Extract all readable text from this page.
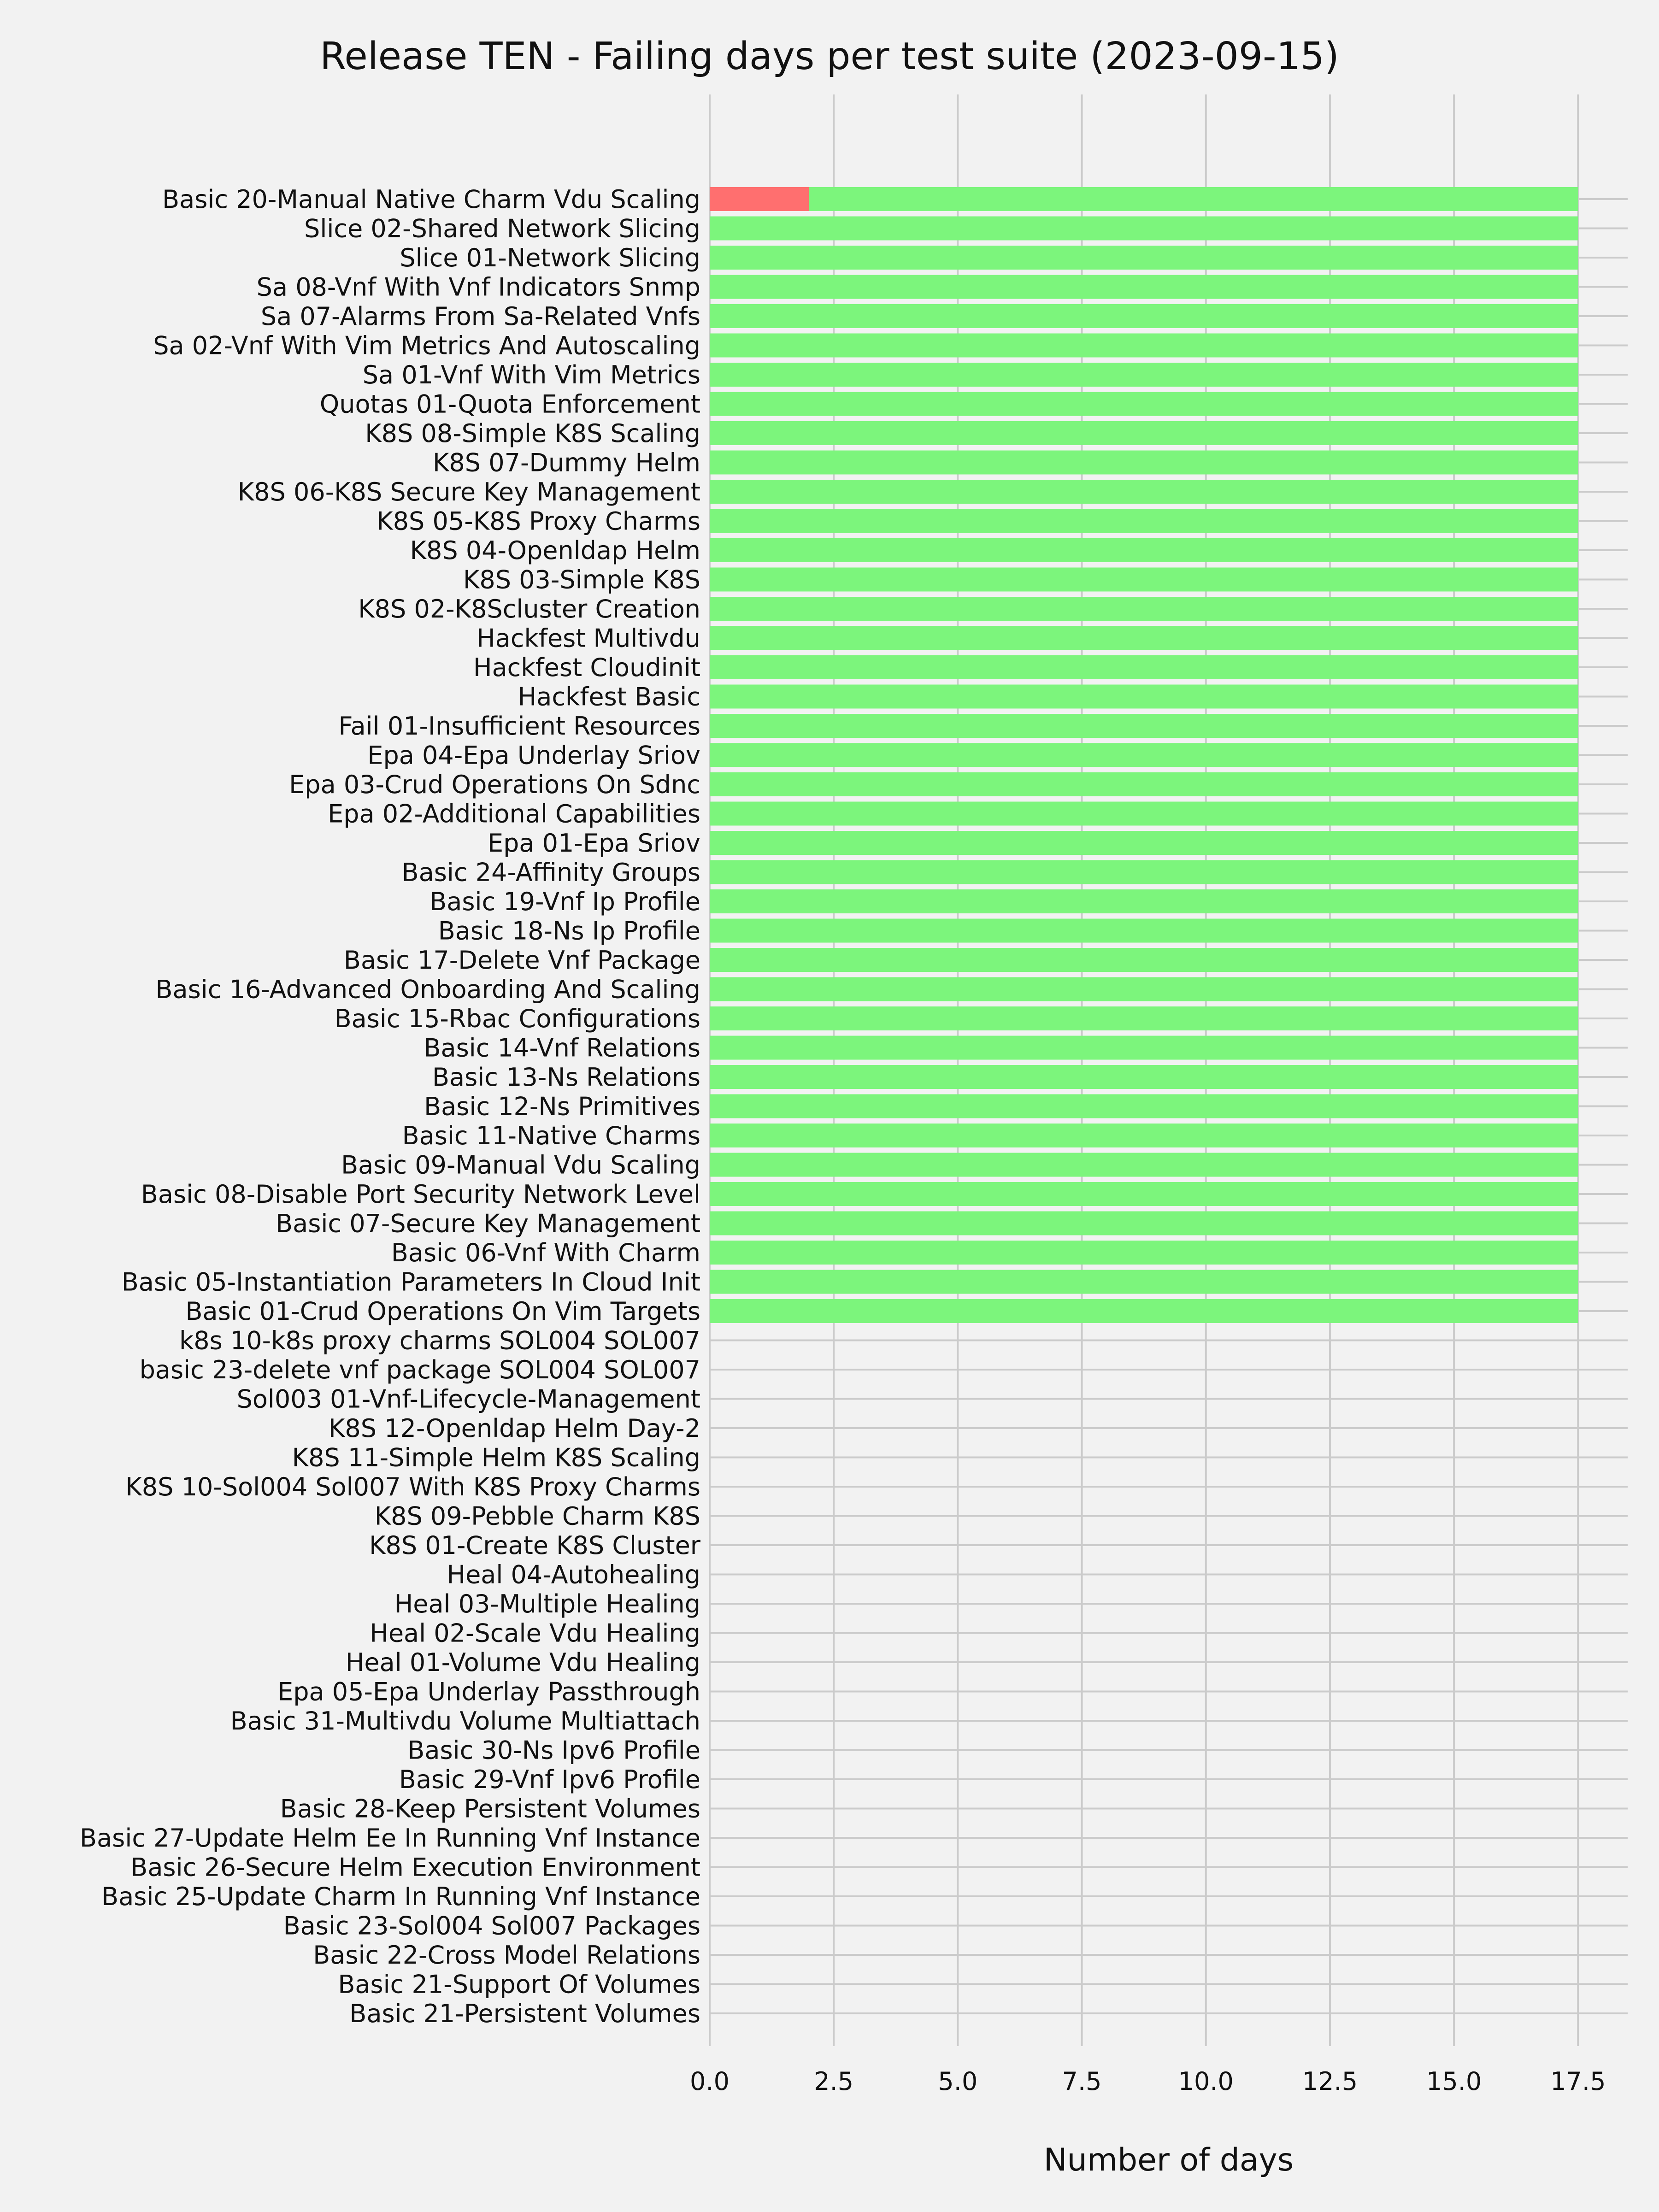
0.0	2.5	5.0	7.5	10.0	12.5	15.0	17.5
Basic 20-Manual Native Charm Vdu Scaling
Slice 02-Shared Network Slicing
Slice 01-Network Slicing
Sa 08-Vnf With Vnf Indicators Snmp
Sa 07-Alarms From Sa-Related Vnfs
Sa 02-Vnf With Vim Metrics And Autoscaling
Sa 01-Vnf With Vim Metrics
Quotas 01-Quota Enforcement
K8S 08-Simple K8S Scaling
K8S 07-Dummy Helm
K8S 06-K8S Secure Key Management
K8S 05-K8S Proxy Charms
K8S 04-Openldap Helm
K8S 03-Simple K8S
K8S 02-K8Scluster Creation
Hackfest Multivdu
Hackfest Cloudinit
Hackfest Basic
Fail 01-Insufficient Resources
Epa 04-Epa Underlay Sriov
Epa 03-Crud Operations On Sdnc
Epa 02-Additional Capabilities
Epa 01-Epa Sriov
Basic 24-Affinity Groups
Basic 19-Vnf Ip Profile
Basic 18-Ns Ip Profile
Basic 17-Delete Vnf Package
Basic 16-Advanced Onboarding And Scaling
Basic 15-Rbac Configurations
Basic 14-Vnf Relations
Basic 13-Ns Relations
Basic 12-Ns Primitives
Basic 11-Native Charms
Basic 09-Manual Vdu Scaling
Basic 08-Disable Port Security Network Level
Basic 07-Secure Key Management
Basic 06-Vnf With Charm
Basic 05-Instantiation Parameters In Cloud Init
Basic 01-Crud Operations On Vim Targets
k8s 10-k8s proxy charms SOL004 SOL007
basic 23-delete vnf package SOL004 SOL007
Sol003 01-Vnf-Lifecycle-Management
K8S 12-Openldap Helm Day-2
K8S 11-Simple Helm K8S Scaling
K8S 10-Sol004 Sol007 With K8S Proxy Charms
K8S 09-Pebble Charm K8S
K8S 01-Create K8S Cluster
Heal 04-Autohealing
Heal 03-Multiple Healing
Heal 02-Scale Vdu Healing
Heal 01-Volume Vdu Healing
Epa 05-Epa Underlay Passthrough
Basic 31-Multivdu Volume Multiattach
Basic 30-Ns Ipv6 Profile
Basic 29-Vnf Ipv6 Profile
Basic 28-Keep Persistent Volumes
Basic 27-Update Helm Ee In Running Vnf Instance
Basic 26-Secure Helm Execution Environment
Basic 25-Update Charm In Running Vnf Instance
Basic 23-Sol004 Sol007 Packages
Basic 22-Cross Model Relations
Basic 21-Support Of Volumes
Basic 21-Persistent Volumes
Release TEN - Failing days per test suite (2023-09-15)
Number of days
